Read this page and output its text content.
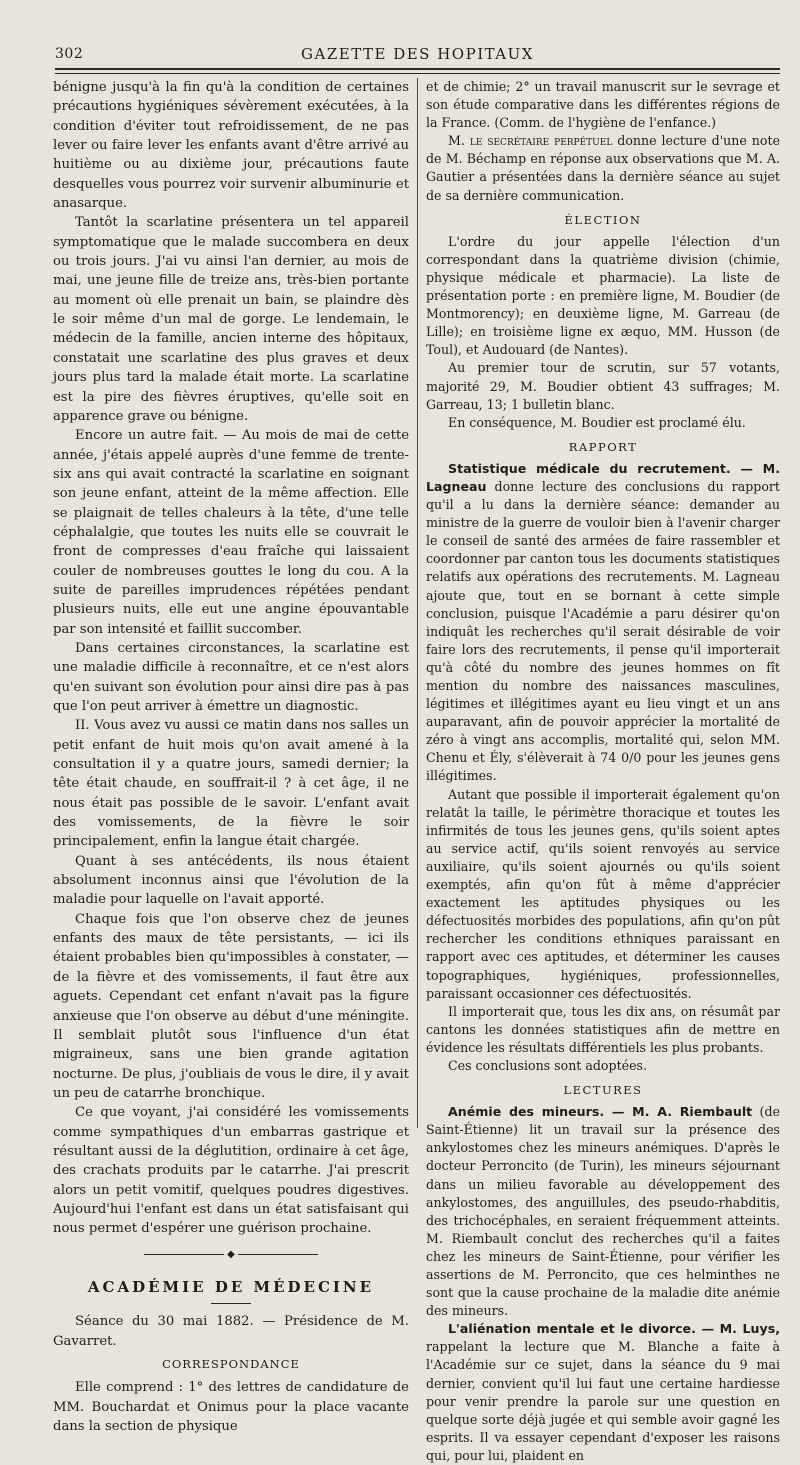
302	GAZETTE DES HOPITAUX

bénigne jusqu'à la fin qu'à la condition de certaines précautions hygiéniques sévèrement exécutées, à la condition d'éviter tout refroidissement, de ne pas lever ou faire lever les enfants avant d'être arrivé au huitième ou au dixième jour, précautions faute desquelles vous pourrez voir survenir albuminurie et anasarque.

Tantôt la scarlatine présentera un tel appareil symptomatique que le malade succombera en deux ou trois jours. J'ai vu ainsi l'an dernier, au mois de mai, une jeune fille de treize ans, très-bien portante au moment où elle prenait un bain, se plaindre dès le soir même d'un mal de gorge. Le lendemain, le médecin de la famille, ancien interne des hôpitaux, constatait une scarlatine des plus graves et deux jours plus tard la malade était morte. La scarlatine est la pire des fièvres éruptives, qu'elle soit en apparence grave ou bénigne.

Encore un autre fait. — Au mois de mai de cette année, j'étais appelé auprès d'une femme de trente-six ans qui avait contracté la scarlatine en soignant son jeune enfant, atteint de la même affection. Elle se plaignait de telles chaleurs à la tête, d'une telle céphalalgie, que toutes les nuits elle se couvrait le front de compresses d'eau fraîche qui laissaient couler de nombreuses gouttes le long du cou. A la suite de pareilles imprudences répétées pendant plusieurs nuits, elle eut une angine épouvantable par son intensité et faillit succomber.

Dans certaines circonstances, la scarlatine est une maladie difficile à reconnaître, et ce n'est alors qu'en suivant son évolution pour ainsi dire pas à pas que l'on peut arriver à émettre un diagnostic.

II. Vous avez vu aussi ce matin dans nos salles un petit enfant de huit mois qu'on avait amené à la consultation il y a quatre jours, samedi dernier; la tête était chaude, en souffrait-il ? à cet âge, il ne nous était pas possible de le savoir. L'enfant avait des vomissements, de la fièvre le soir principalement, enfin la langue était chargée.

Quant à ses antécédents, ils nous étaient absolument inconnus ainsi que l'évolution de la maladie pour laquelle on l'avait apporté.

Chaque fois que l'on observe chez de jeunes enfants des maux de tête persistants, — ici ils étaient probables bien qu'impossibles à constater, — de la fièvre et des vomissements, il faut être aux aguets. Cependant cet enfant n'avait pas la figure anxieuse que l'on observe au début d'une méningite. Il semblait plutôt sous l'influence d'un état migraineux, sans une bien grande agitation nocturne. De plus, j'oubliais de vous le dire, il y avait un peu de catarrhe bronchique.

Ce que voyant, j'ai considéré les vomissements comme sympathiques d'un embarras gastrique et résultant aussi de la déglutition, ordinaire à cet âge, des crachats produits par le catarrhe. J'ai prescrit alors un petit vomitif, quelques poudres digestives. Aujourd'hui l'enfant est dans un état satisfaisant qui nous permet d'espérer une guérison prochaine.

◆
ACADÉMIE DE MÉDECINE

Séance du 30 mai 1882. — Présidence de M. Gavarret.

CORRESPONDANCE

Elle comprend : 1° des lettres de candidature de MM. Bouchardat et Onimus pour la place vacante dans la section de physique

et de chimie; 2° un travail manuscrit sur le sevrage et son étude comparative dans les différentes régions de la France. (Comm. de l'hygiène de l'enfance.)

M. le secrétaire perpétuel donne lecture d'une note de M. Béchamp en réponse aux observations que M. A. Gautier a présentées dans la dernière séance au sujet de sa dernière communication.

ÉLECTION

L'ordre du jour appelle l'élection d'un correspondant dans la quatrième division (chimie, physique médicale et pharmacie). La liste de présentation porte : en première ligne, M. Boudier (de Montmorency); en deuxième ligne, M. Garreau (de Lille); en troisième ligne ex æquo, MM. Husson (de Toul), et Audouard (de Nantes).

Au premier tour de scrutin, sur 57 votants, majorité 29, M. Boudier obtient 43 suffrages; M. Garreau, 13; 1 bulletin blanc.

En conséquence, M. Boudier est proclamé élu.

RAPPORT

Statistique médicale du recrutement. — M. Lagneau donne lecture des conclusions du rapport qu'il a lu dans la dernière séance: demander au ministre de la guerre de vouloir bien à l'avenir charger le conseil de santé des armées de faire rassembler et coordonner par canton tous les documents statistiques relatifs aux opérations des recrutements. M. Lagneau ajoute que, tout en se bornant à cette simple conclusion, puisque l'Académie a paru désirer qu'on indiquât les recherches qu'il serait désirable de voir faire lors des recrutements, il pense qu'il importerait qu'à côté du nombre des jeunes hommes on fît mention du nombre des naissances masculines, légitimes et illégitimes ayant eu lieu vingt et un ans auparavant, afin de pouvoir apprécier la mortalité de zéro à vingt ans accomplis, mortalité qui, selon MM. Chenu et Ély, s'élèverait à 74 0/0 pour les jeunes gens illégitimes.

Autant que possible il importerait également qu'on relatât la taille, le périmètre thoracique et toutes les infirmités de tous les jeunes gens, qu'ils soient aptes au service actif, qu'ils soient renvoyés au service auxiliaire, qu'ils soient ajournés ou qu'ils soient exemptés, afin qu'on fût à même d'apprécier exactement les aptitudes physiques ou les défectuosités morbides des populations, afin qu'on pût rechercher les conditions ethniques paraissant en rapport avec ces aptitudes, et déterminer les causes topographiques, hygiéniques, professionnelles, paraissant occasionner ces défectuosités.

Il importerait que, tous les dix ans, on résumât par cantons les données statistiques afin de mettre en évidence les résultats différentiels les plus probants.

Ces conclusions sont adoptées.

LECTURES

Anémie des mineurs. — M. A. Riembault (de Saint-Étienne) lit un travail sur la présence des ankylostomes chez les mineurs anémiques. D'après le docteur Perroncito (de Turin), les mineurs séjournant dans un milieu favorable au développement des ankylostomes, des anguillules, des pseudo-rhabditis, des trichocéphales, en seraient fréquemment atteints. M. Riembault conclut des recherches qu'il a faites chez les mineurs de Saint-Étienne, pour vérifier les assertions de M. Perroncito, que ces helminthes ne sont que la cause prochaine de la maladie dite anémie des mineurs.

L'aliénation mentale et le divorce. — M. Luys, rappelant la lecture que M. Blanche a faite à l'Académie sur ce sujet, dans la séance du 9 mai dernier, convient qu'il lui faut une certaine hardiesse pour venir prendre la parole sur une question en quelque sorte déjà jugée et qui semble avoir gagné les esprits. Il va essayer cependant d'exposer les raisons qui, pour lui, plaident en
